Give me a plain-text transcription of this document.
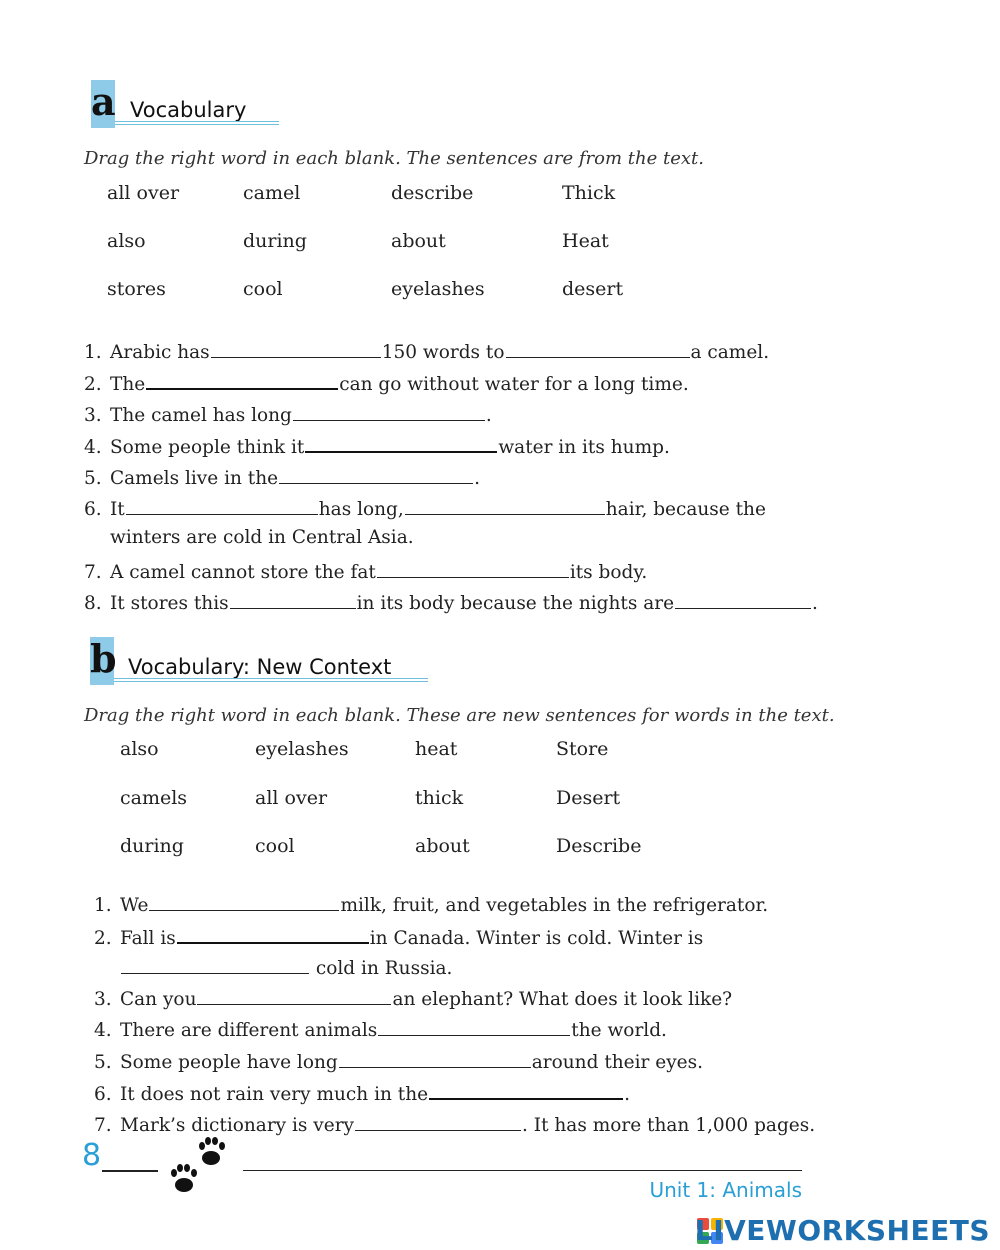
a Vocabulary
Drag the right word in each blank. The sentences are from the text.
all over	camel	describe	Thick
also	during	about	Heat
stores	cool	eyelashes	desert
1. Arabic has	150 words to	a camel.
2. The	can go without water for a long time.
3. The camel has long	.
4. Some people think it	water in its hump.
5. Camels live in the	.
6. It	has long,	hair, because the
winters are cold in Central Asia.
7. A camel cannot store the fat	its body.
8. It stores this	in its body because the nights are	.
b Vocabulary: New Context
Drag the right word in each blank. These are new sentences for words in the text.
also	eyelashes	heat	Store
camels	all over	thick	Desert
during	cool	about	Describe
1. We	milk, fruit, and vegetables in the refrigerator.
2. Fall is	in Canada. Winter is cold. Winter is
cold in Russia.
3. Can you	an elephant? What does it look like?
4. There are different animals	the world.
5. Some people have long	around their eyes.
6. It does not rain very much in the	.
7. Mark’s dictionary is very	. It has more than 1,000 pages.
8
Unit 1: Animals
LIVEWORKSHEETS
